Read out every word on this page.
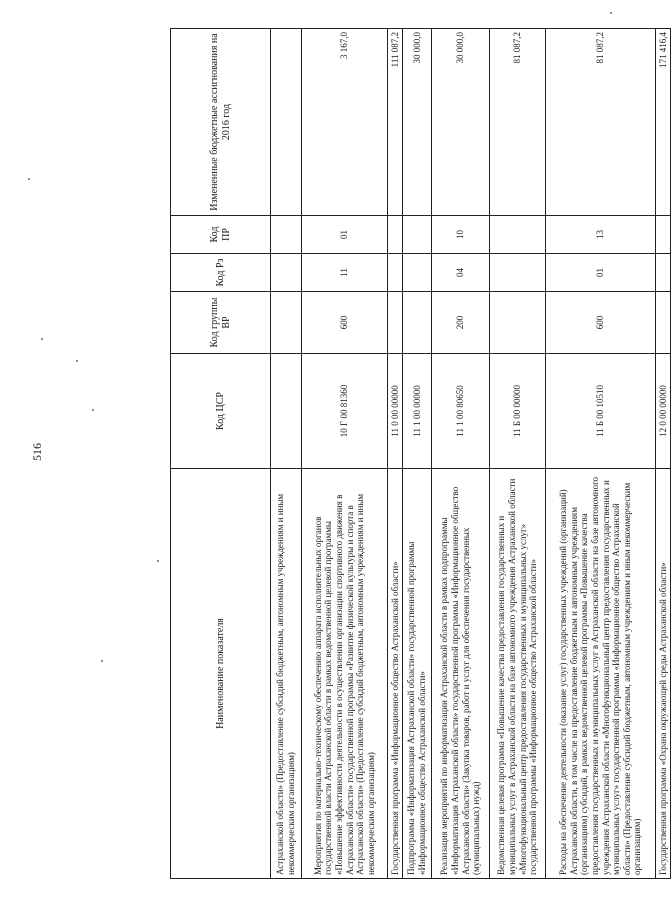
516
Наименование показателя	Код ЦСР	Код группы ВР	Код Рз	Код ПР	Измененные бюджетные ассигнования на 2016 год
Астраханской области» (Предоставление субсидий бюджетным, автономным учреждениям и иным некоммерческим организациям)					
Мероприятия по материально-техническому обеспечению аппарата исполнительных органов государственной власти Астраханской области в рамках ведомственной целевой программы «Повышение эффективности деятельности в осуществлении организации спортивного движения в Астраханской области» государственной программы «Развитие физической культуры и спорта в Астраханской области» (Предоставление субсидий бюджетным, автономным учреждениям и иным некоммерческим организациям)	10 Г 00 81360	600	11	01	3 167,0
Государственная программа «Информационное общество Астраханской области»	11 0 00 00000				111 087,2
Подпрограмма «Информатизация Астраханской области» государственной программы «Информационное общество Астраханской области»	11 1 00 00000				30 000,0
Реализация мероприятий по информатизации Астраханской области в рамках подпрограммы «Информатизация Астраханской области» государственной программы «Информационное общество Астраханской области» (Закупка товаров, работ и услуг для обеспечения государственных (муниципальных) нужд)	11 1 00 80650	200	04	10	30 000,0
Ведомственная целевая программа «Повышение качества предоставления государственных и муниципальных услуг в Астраханской области на базе автономного учреждения Астраханской области «Многофункциональный центр предоставления государственных и муниципальных услуг» государственной программы «Информационное общество Астраханской области»	11 Б 00 00000				81 087,2
Расходы на обеспечение деятельности (оказание услуг) государственных учреждений (организаций) Астраханской области, в том числе на предоставление бюджетным и автономным учреждениям (организациям) субсидий, в рамках ведомственной целевой программы «Повышение качества предоставления государственных и муниципальных услуг в Астраханской области на базе автономного учреждения Астраханской области «Многофункциональный центр предоставления государственных и муниципальных услуг» государственной программы «Информационное общество Астраханской области» (Предоставление субсидий бюджетным, автономным учреждениям и иным некоммерческим организациям)	11 Б 00 10510	600	01	13	81 087,2
Государственная программа «Охрана окружающей среды Астраханской области»	12 0 00 00000				171 416,4
